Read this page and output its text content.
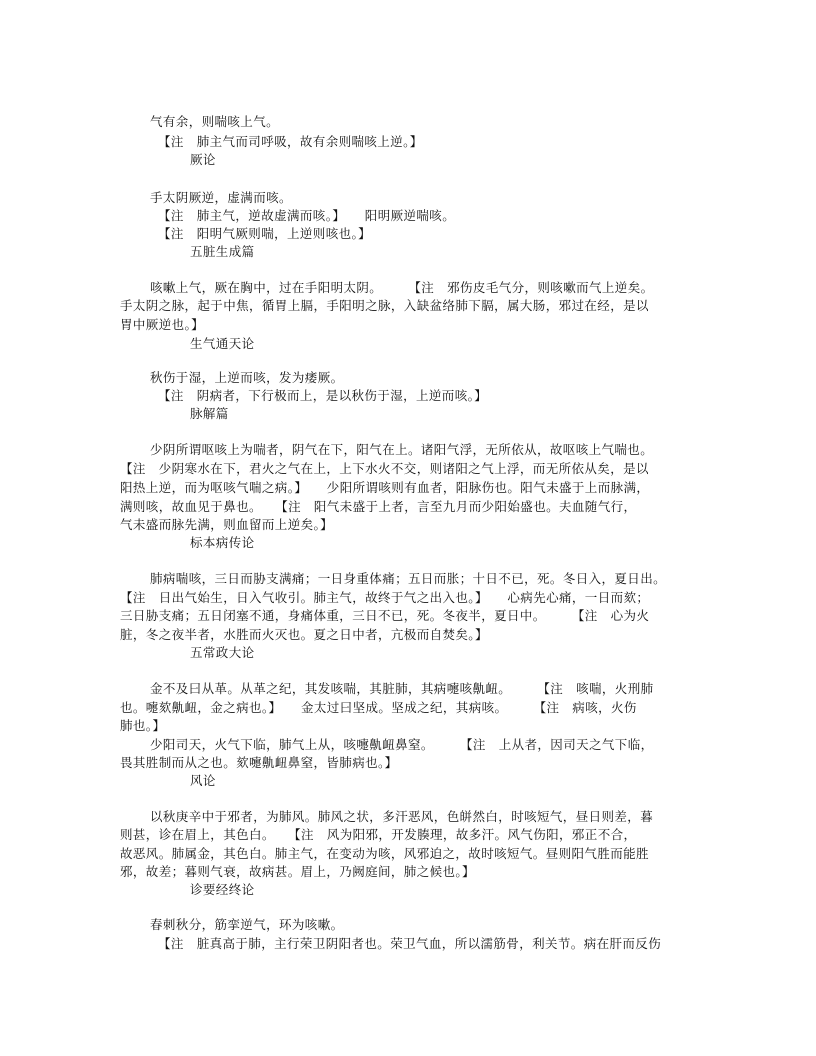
气有余，则喘咳上气。
【注　肺主气而司呼吸，故有余则喘咳上逆。】
厥论
手太阴厥逆，虚满而咳。
【注　肺主气，逆故虚满而咳。】　　阳明厥逆喘咳。
【注　阳明气厥则喘，上逆则咳也。】
五脏生成篇
咳嗽上气，厥在胸中，过在手阳明太阴。　　　【注　邪伤皮毛气分，则咳嗽而气上逆矣。
手太阴之脉，起于中焦，循胃上膈，手阳明之脉，入缺盆络肺下膈，属大肠，邪过在经，是以
胃中厥逆也。】
生气通天论
秋伤于湿，上逆而咳，发为痿厥。
【注　阴病者，下行极而上，是以秋伤于湿，上逆而咳。】
脉解篇
少阴所谓呕咳上为喘者，阴气在下，阳气在上。诸阳气浮，无所依从，故呕咳上气喘也。
【注　少阴寒水在下，君火之气在上，上下水火不交，则诸阳之气上浮，而无所依从矣，是以
阳热上逆，而为呕咳气喘之病。】　　少阳所谓咳则有血者，阳脉伤也。阳气未盛于上而脉满，
满则咳，故血见于鼻也。　　【注　阳气未盛于上者，言至九月而少阳始盛也。夫血随气行，
气未盛而脉先满，则血留而上逆矣。】
标本病传论
肺病喘咳，三日而胁支满痛；一日身重体痛；五日而胀；十日不已，死。冬日入，夏日出。
【注　日出气始生，日入气收引。肺主气，故终于气之出入也。】　　心病先心痛，一日而欬；
三日胁支痛；五日闭塞不通，身痛体重，三日不已，死。冬夜半，夏日中。　　　【注　心为火
脏，冬之夜半者，水胜而火灭也。夏之日中者，亢极而自焚矣。】
五常政大论
金不及曰从革。从革之纪，其发咳喘，其脏肺，其病嚏咳鼽衄。　　　【注　咳喘，火刑肺
也。嚏欬鼽衄，金之病也。】　　金太过曰坚成。坚成之纪，其病咳。　　　【注　病咳，火伤
肺也。】
少阳司天，火气下临，肺气上从，咳嚏鼽衄鼻窒。　　　【注　上从者，因司天之气下临，
畏其胜制而从之也。欬嚏鼽衄鼻窒，皆肺病也。】
风论
以秋庚辛中于邪者，为肺风。肺风之状，多汗恶风，色皏然白，时咳短气，昼日则差，暮
则甚，诊在眉上，其色白。　　【注　风为阳邪，开发腠理，故多汗。风气伤阳，邪正不合，
故恶风。肺属金，其色白。肺主气，在变动为咳，风邪迫之，故时咳短气。昼则阳气胜而能胜
邪，故差；暮则气衰，故病甚。眉上，乃阙庭间，肺之候也。】
诊要经终论
春刺秋分，筋挛逆气，环为咳嗽。
【注　脏真高于肺，主行荣卫阴阳者也。荣卫气血，所以濡筋骨，利关节。病在肝而反伤
